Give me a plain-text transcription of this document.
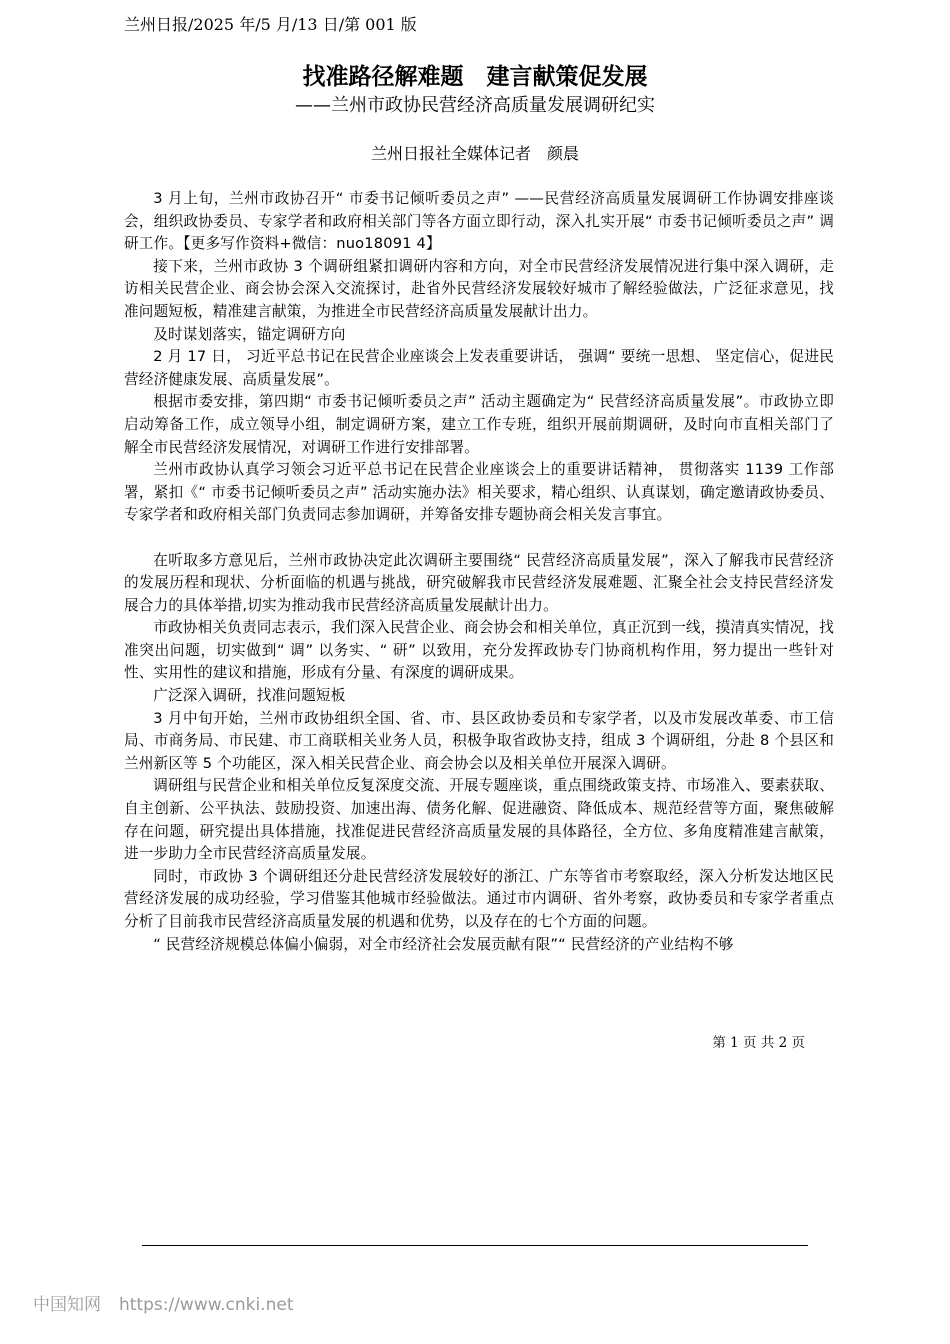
兰州日报/2025 年/5 月/13 日/第 001 版
找准路径解难题　建言献策促发展
——兰州市政协民营经济高质量发展调研纪实
兰州日报社全媒体记者　颜晨

3 月上旬，兰州市政协召开“ 市委书记倾听委员之声” ——民营经济高质量发展调研工作协调安排座谈会，组织政协委员、专家学者和政府相关部门等各方面立即行动，深入扎实开展“ 市委书记倾听委员之声” 调研工作。【更多写作资料+微信：nuo18091 4】

接下来，兰州市政协 3 个调研组紧扣调研内容和方向，对全市民营经济发展情况进行集中深入调研，走访相关民营企业、商会协会深入交流探讨，赴省外民营经济发展较好城市了解经验做法，广泛征求意见，找准问题短板，精准建言献策，为推进全市民营经济高质量发展献计出力。

及时谋划落实，锚定调研方向

2 月 17 日， 习近平总书记在民营企业座谈会上发表重要讲话， 强调“ 要统一思想、 坚定信心，促进民营经济健康发展、高质量发展”。

根据市委安排，第四期“ 市委书记倾听委员之声” 活动主题确定为“ 民营经济高质量发展”。市政协立即启动筹备工作，成立领导小组，制定调研方案，建立工作专班，组织开展前期调研，及时向市直相关部门了解全市民营经济发展情况，对调研工作进行安排部署。

兰州市政协认真学习领会习近平总书记在民营企业座谈会上的重要讲话精神， 贯彻落实 1139 工作部署，紧扣《“ 市委书记倾听委员之声” 活动实施办法》相关要求，精心组织、认真谋划，确定邀请政协委员、专家学者和政府相关部门负责同志参加调研，并筹备安排专题协商会相关发言事宜。

在听取多方意见后，兰州市政协决定此次调研主要围绕“ 民营经济高质量发展”，深入了解我市民营经济的发展历程和现状、分析面临的机遇与挑战，研究破解我市民营经济发展难题、汇聚全社会支持民营经济发展合力的具体举措,切实为推动我市民营经济高质量发展献计出力。

市政协相关负责同志表示，我们深入民营企业、商会协会和相关单位，真正沉到一线，摸清真实情况，找准突出问题，切实做到“ 调” 以务实、“ 研” 以致用，充分发挥政协专门协商机构作用，努力提出一些针对性、实用性的建议和措施，形成有分量、有深度的调研成果。

广泛深入调研，找准问题短板

3 月中旬开始，兰州市政协组织全国、省、市、县区政协委员和专家学者，以及市发展改革委、市工信局、市商务局、市民建、市工商联相关业务人员，积极争取省政协支持，组成 3 个调研组，分赴 8 个县区和兰州新区等 5 个功能区，深入相关民营企业、商会协会以及相关单位开展深入调研。

调研组与民营企业和相关单位反复深度交流、开展专题座谈，重点围绕政策支持、市场准入、要素获取、自主创新、公平执法、鼓励投资、加速出海、债务化解、促进融资、降低成本、规范经营等方面，聚焦破解存在问题，研究提出具体措施，找准促进民营经济高质量发展的具体路径，全方位、多角度精准建言献策，进一步助力全市民营经济高质量发展。

同时，市政协 3 个调研组还分赴民营经济发展较好的浙江、广东等省市考察取经，深入分析发达地区民营经济发展的成功经验，学习借鉴其他城市经验做法。通过市内调研、省外考察，政协委员和专家学者重点分析了目前我市民营经济高质量发展的机遇和优势，以及存在的七个方面的问题。

“ 民营经济规模总体偏小偏弱，对全市经济社会发展贡献有限”“ 民营经济的产业结构不够

第 1 页 共 2 页
中国知网 https://www.cnki.net
